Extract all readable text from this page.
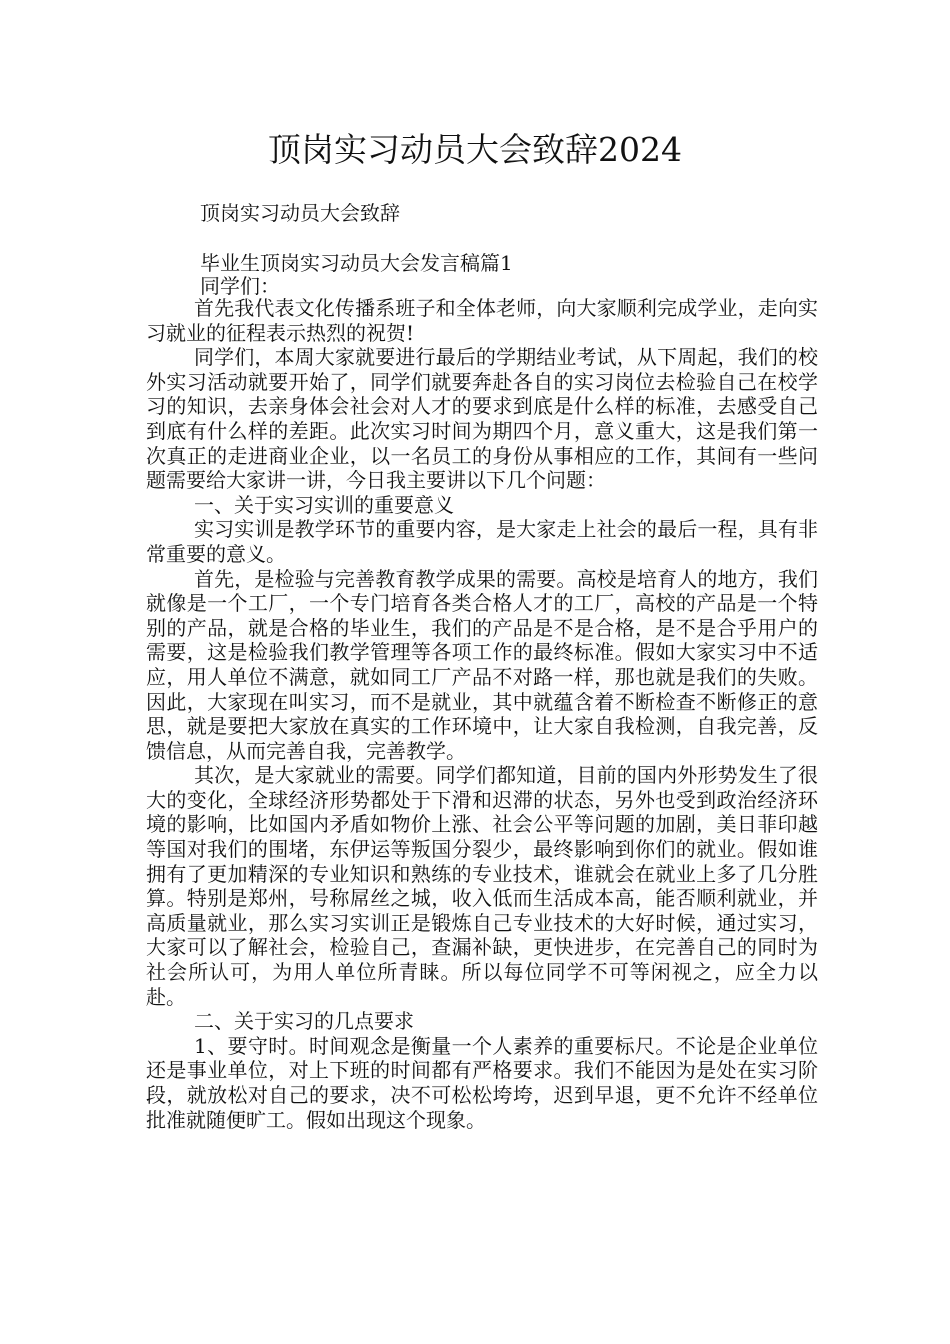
顶岗实习动员大会致辞2024
顶岗实习动员大会致辞
毕业生顶岗实习动员大会发言稿篇1
同学们：

首先我代表文化传播系班子和全体老师，向大家顺利完成学业，走向实习就业的征程表示热烈的祝贺!

同学们，本周大家就要进行最后的学期结业考试，从下周起，我们的校外实习活动就要开始了，同学们就要奔赴各自的实习岗位去检验自己在校学习的知识，去亲身体会社会对人才的要求到底是什么样的标准，去感受自己到底有什么样的差距。此次实习时间为期四个月，意义重大，这是我们第一次真正的走进商业企业，以一名员工的身份从事相应的工作，其间有一些问题需要给大家讲一讲，今日我主要讲以下几个问题：

一、关于实习实训的重要意义

实习实训是教学环节的重要内容，是大家走上社会的最后一程，具有非常重要的意义。

首先，是检验与完善教育教学成果的需要。高校是培育人的地方，我们就像是一个工厂，一个专门培育各类合格人才的工厂，高校的产品是一个特别的产品，就是合格的毕业生，我们的产品是不是合格，是不是合乎用户的需要，这是检验我们教学管理等各项工作的最终标准。假如大家实习中不适应，用人单位不满意，就如同工厂产品不对路一样，那也就是我们的失败。因此，大家现在叫实习，而不是就业，其中就蕴含着不断检查不断修正的意思，就是要把大家放在真实的工作环境中，让大家自我检测，自我完善，反馈信息，从而完善自我，完善教学。

其次，是大家就业的需要。同学们都知道，目前的国内外形势发生了很大的变化，全球经济形势都处于下滑和迟滞的状态，另外也受到政治经济环境的影响，比如国内矛盾如物价上涨、社会公平等问题的加剧，美日菲印越等国对我们的围堵，东伊运等叛国分裂少，最终影响到你们的就业。假如谁拥有了更加精深的专业知识和熟练的专业技术，谁就会在就业上多了几分胜算。特别是郑州，号称屌丝之城，收入低而生活成本高，能否顺利就业，并高质量就业，那么实习实训正是锻炼自己专业技术的大好时候，通过实习，大家可以了解社会，检验自己，查漏补缺，更快进步，在完善自己的同时为社会所认可，为用人单位所青睐。所以每位同学不可等闲视之，应全力以赴。

二、关于实习的几点要求

1、要守时。时间观念是衡量一个人素养的重要标尺。不论是企业单位还是事业单位，对上下班的时间都有严格要求。我们不能因为是处在实习阶段，就放松对自己的要求，决不可松松垮垮，迟到早退，更不允许不经单位批准就随便旷工。假如出现这个现象。
